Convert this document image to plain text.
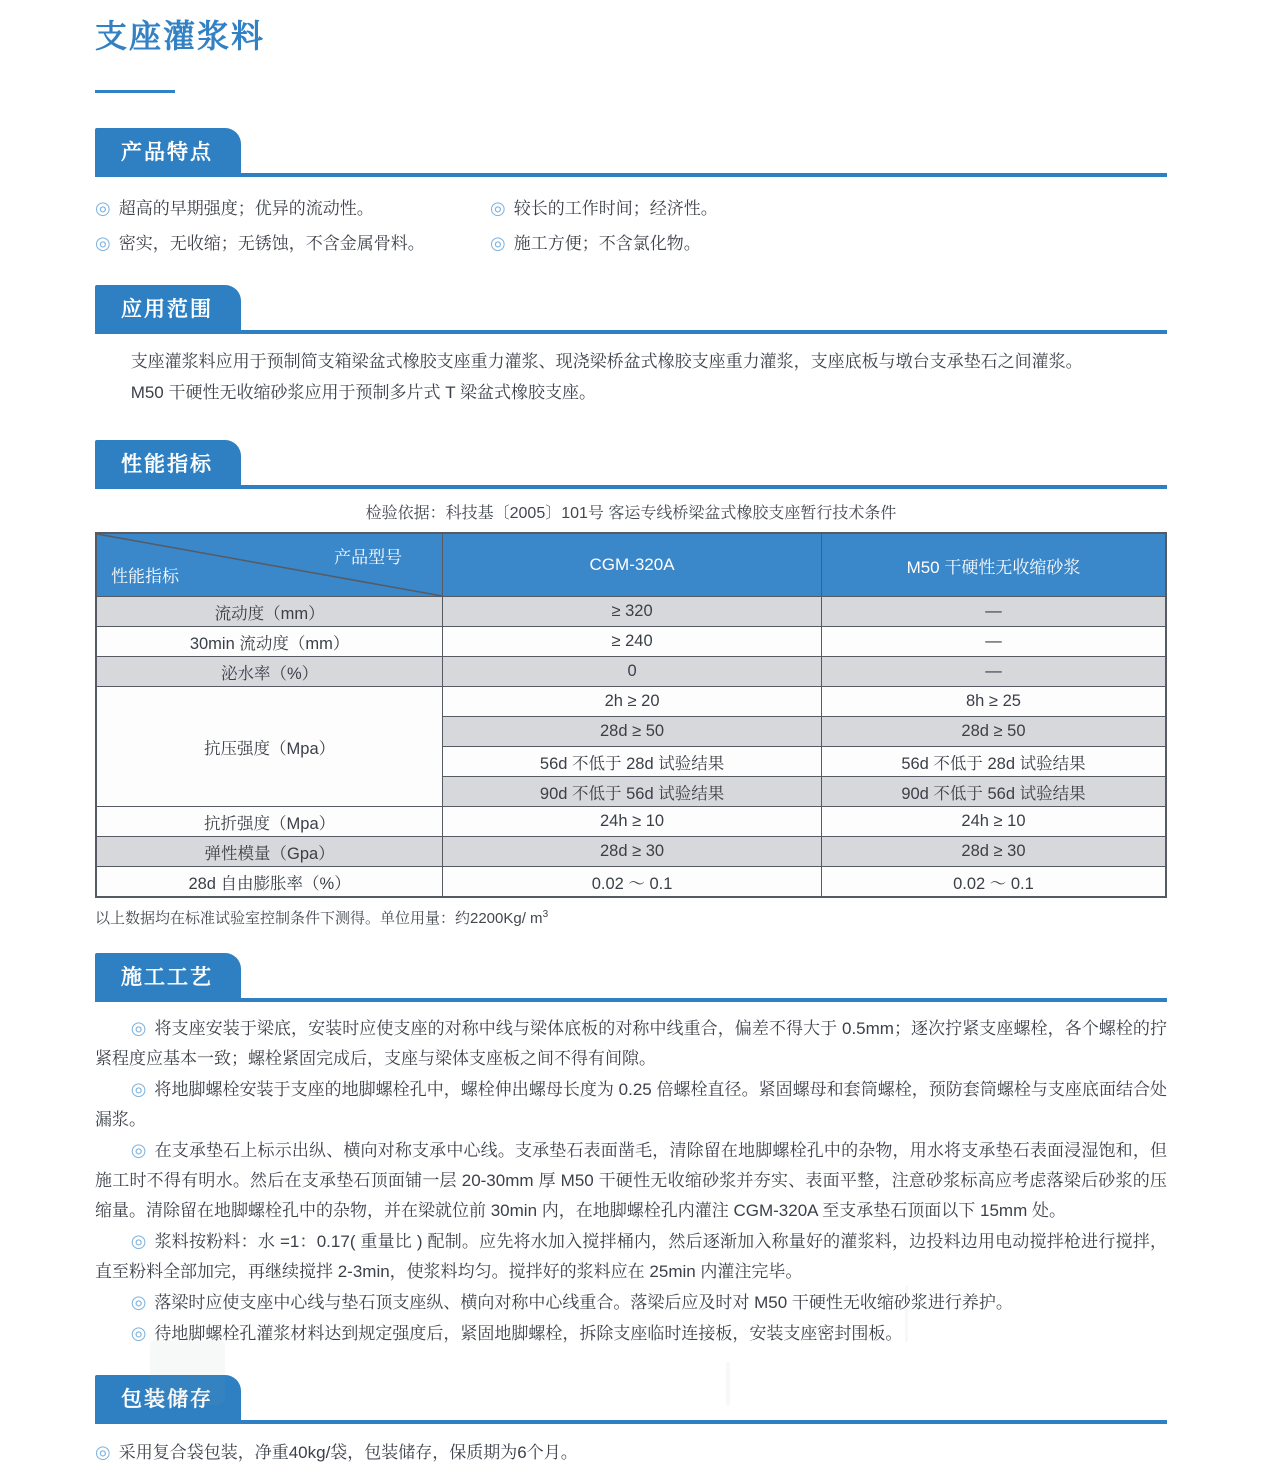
支座灌浆料
产品特点
◎ 超高的早期强度；优异的流动性。	◎ 较长的工作时间；经济性。
◎ 密实，无收缩；无锈蚀，不含金属骨料。	◎ 施工方便；不含氯化物。
应用范围

支座灌浆料应用于预制简支箱梁盆式橡胶支座重力灌浆、现浇梁桥盆式橡胶支座重力灌浆，支座底板与墩台支承垫石之间灌浆。

M50 干硬性无收缩砂浆应用于预制多片式 T 梁盆式橡胶支座。

性能指标
检验依据：科技基〔2005〕101号 客运专线桥梁盆式橡胶支座暂行技术条件
产品型号
性能指标	CGM-320A	M50 干硬性无收缩砂浆
流动度（mm）	≥ 320	—
30min 流动度（mm）	≥ 240	—
泌水率（%）	0	—
抗压强度（Mpa）	2h ≥ 20	8h ≥ 25
	28d ≥ 50	28d ≥ 50
	56d 不低于 28d 试验结果	56d 不低于 28d 试验结果
	90d 不低于 56d 试验结果	90d 不低于 56d 试验结果
抗折强度（Mpa）	24h ≥ 10	24h ≥ 10
弹性模量（Gpa）	28d ≥ 30	28d ≥ 30
28d 自由膨胀率（%）	0.02 ～ 0.1	0.02 ～ 0.1
以上数据均在标准试验室控制条件下测得。单位用量：约2200Kg/ $m^3$
施工工艺

◎ 将支座安装于梁底，安装时应使支座的对称中线与梁体底板的对称中线重合，偏差不得大于 0.5mm；逐次拧紧支座螺栓，各个螺栓的拧紧程度应基本一致；螺栓紧固完成后，支座与梁体支座板之间不得有间隙。

◎ 将地脚螺栓安装于支座的地脚螺栓孔中，螺栓伸出螺母长度为 0.25 倍螺栓直径。紧固螺母和套筒螺栓，预防套筒螺栓与支座底面结合处漏浆。

◎ 在支承垫石上标示出纵、横向对称支承中心线。支承垫石表面凿毛，清除留在地脚螺栓孔中的杂物，用水将支承垫石表面浸湿饱和，但施工时不得有明水。然后在支承垫石顶面铺一层 20-30mm 厚 M50 干硬性无收缩砂浆并夯实、表面平整，注意砂浆标高应考虑落梁后砂浆的压缩量。清除留在地脚螺栓孔中的杂物，并在梁就位前 30min 内，在地脚螺栓孔内灌注 CGM-320A 至支承垫石顶面以下 15mm 处。

◎ 浆料按粉料：水 =1：0.17( 重量比 ) 配制。应先将水加入搅拌桶内，然后逐渐加入称量好的灌浆料，边投料边用电动搅拌枪进行搅拌，直至粉料全部加完，再继续搅拌 2-3min，使浆料均匀。搅拌好的浆料应在 25min 内灌注完毕。

◎ 落梁时应使支座中心线与垫石顶支座纵、横向对称中心线重合。落梁后应及时对 M50 干硬性无收缩砂浆进行养护。

◎ 待地脚螺栓孔灌浆材料达到规定强度后，紧固地脚螺栓，拆除支座临时连接板，安装支座密封围板。

包装储存

◎ 采用复合袋包装，净重40kg/袋，包装储存，保质期为6个月。
